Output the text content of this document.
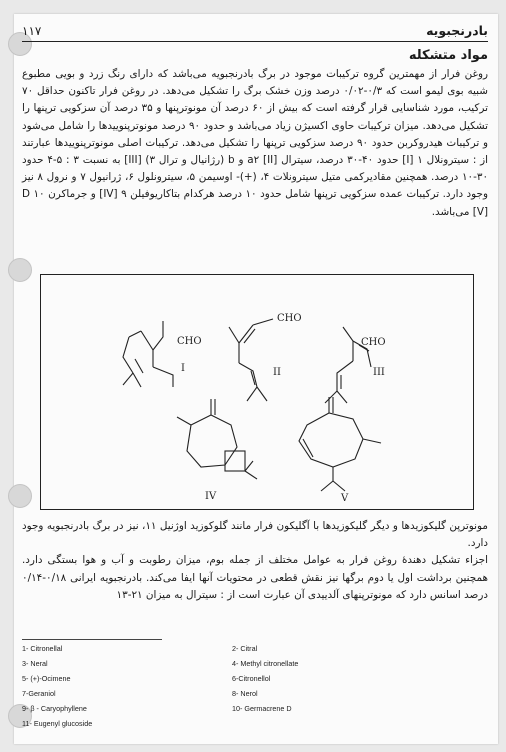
بادرنجبویه
۱۱۷
مواد متشکله
روغن فرار از مهمترین گروه ترکیبات موجود در برگ بادرنجبویه می‌باشد که دارای رنگ زرد و بویی مطبوع شبیه بوی لیمو است که ۰/۳-۰/۰۲ درصد وزن خشک برگ را تشکیل می‌دهد. در روغن فرار تاکنون حداقل ۷۰ ترکیب، مورد شناسایی قرار گرفته است که بیش از ۶۰ درصد آن مونوترپنها و ۳۵ درصد آن سزکویی ترپنها را تشکیل می‌دهد. میزان ترکیبات حاوی اکسیژن زیاد می‌باشد و حدود ۹۰ درصد مونوترپنوییدها را شامل می‌شود و ترکیبات هیدروکربن حدود ۹۰ درصد سزکویی ترپنها را تشکیل می‌دهد. ترکیبات اصلی مونوترپنوییدها عبارتند از : سیترونلال ۱ [I] حدود ۴۰-۳۰ درصد، سیترال [II] a۲ و b (رژانیال و ترال ۳) [III] به نسبت ۳ : ۵-۴ حدود ۳۰-۱۰ درصد. همچنین مقادیرکمی متیل سیترونلات ۴، (+)- اوسیمن ۵، سیترونلول ۶، ژرانیول ۷ و نرول ۸ نیز وجود دارد. ترکیبات عمده سزکویی ترپنها شامل حدود ۱۰ درصد هرکدام بتاکاریوفیلن ۹ [IV] و جرماکرن D ۱۰ [V] می‌باشد.
CHO
I
CHO
II
CHO
III
IV	V
مونوترپن گلیکوزیدها و دیگر گلیکوزیدها با آگلیکون فرار مانند گلوکوزید اوژنیل ۱۱، نیز در برگ بادرنجبویه وجود دارد.
اجزاء تشکیل دهندهٔ روغن فرار به عوامل مختلف از جمله بوم، میزان رطوبت و آب و هوا بستگی دارد. همچنین برداشت اول یا دوم برگها نیز نقش قطعی در محتویات آنها ایفا می‌کند. بادرنجبویه ایرانی ۰/۱۸-۰/۱۴ درصد اسانس دارد که مونوترپنهای آلدییدی آن عبارت است از : سیترال به میزان ۲۱-۱۳
1- Citronellal	2- Citral
3- Neral	4- Methyl citronellate
5- (+)-Ocimene	6-Citronellol
7-Geraniol	8- Nerol
9- β - Caryophyllene	10- Germacrene D
11- Eugenyl glucoside
